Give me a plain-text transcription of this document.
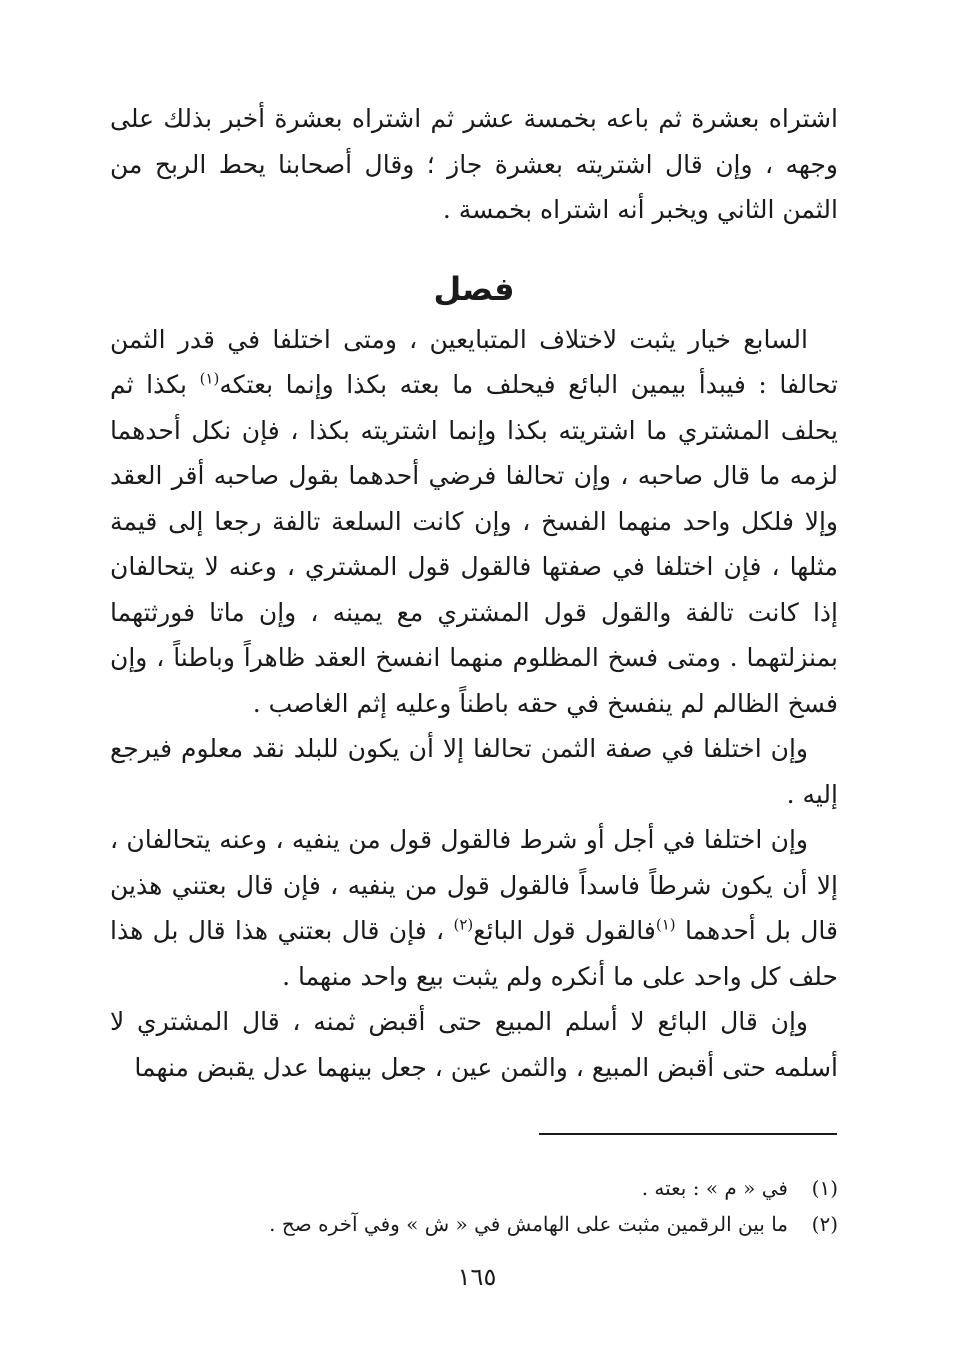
اشتراه بعشرة ثم باعه بخمسة عشر ثم اشتراه بعشرة أخبر بذلك على وجهه ، وإن قال اشتريته بعشرة جاز ؛ وقال أصحابنا يحط الربح من الثمن الثاني ويخبر أنه اشتراه بخمسة .

فصل

السابع خيار يثبت لاختلاف المتبايعين ، ومتى اختلفا في قدر الثمن تحالفا : فيبدأ بيمين البائع فيحلف ما بعته بكذا وإنما بعتكه$^{(١)}$ بكذا ثم يحلف المشتري ما اشتريته بكذا وإنما اشتريته بكذا ، فإن نكل أحدهما لزمه ما قال صاحبه ، وإن تحالفا فرضي أحدهما بقول صاحبه أقر العقد وإلا فلكل واحد منهما الفسخ ، وإن كانت السلعة تالفة رجعا إلى قيمة مثلها ، فإن اختلفا في صفتها فالقول قول المشتري ، وعنه لا يتحالفان إذا كانت تالفة والقول قول المشتري مع يمينه ، وإن ماتا فورثتهما بمنزلتهما . ومتى فسخ المظلوم منهما انفسخ العقد ظاهراً وباطناً ، وإن فسخ الظالم لم ينفسخ في حقه باطناً وعليه إثم الغاصب .

وإن اختلفا في صفة الثمن تحالفا إلا أن يكون للبلد نقد معلوم فيرجع إليه .

وإن اختلفا في أجل أو شرط فالقول قول من ينفيه ، وعنه يتحالفان ، إلا أن يكون شرطاً فاسداً فالقول قول من ينفيه ، فإن قال بعتني هذين قال بل أحدهما $^{(١)}$فالقول قول البائع$^{(٢)}$ ، فإن قال بعتني هذا قال بل هذا حلف كل واحد على ما أنكره ولم يثبت بيع واحد منهما .

وإن قال البائع لا أسلم المبيع حتى أقبض ثمنه ، قال المشتري لا أسلمه حتى أقبض المبيع ، والثمن عين ، جعل بينهما عدل يقبض منهما

(١)
في « م » : بعته .
(٢)
ما بين الرقمين مثبت على الهامش في « ش » وفي آخره صح .
١٦٥
